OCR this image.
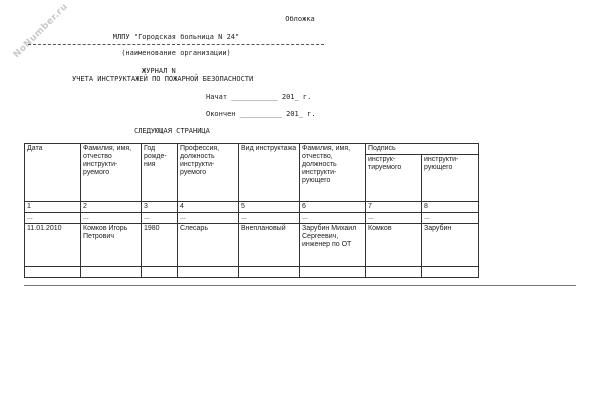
NoNumber.ru	Обложка
МЛПУ "Городская больница N 24"
(наименование организации)
ЖУРНАЛ N
УЧЕТА ИНСТРУКТАЖЕЙ ПО ПОЖАРНОЙ БЕЗОПАСНОСТИ
Начат ___________ 201_ г.
Окончен __________ 201_ г.
СЛЕДУЮЩАЯ СТРАНИЦА
Дата	Фамилия, имя, отчество инструкти-руемого	Год рожде-ния	Профессия, должность инструкти-руемого	Вид инструктажа	Фамилия, имя, отчество, должность инструкти-рующего	Подпись	
						инструк-тируемого	инструкти-рующего
1	2	3	4	5	6	7	8
...	...	...	...	...	...	...	...
11.01.2010	Комков Игорь Петрович	1980	Слесарь	Внеплановый	Зарубин Михаил Сергеевич, инженер по ОТ	Комков	Зарубин
